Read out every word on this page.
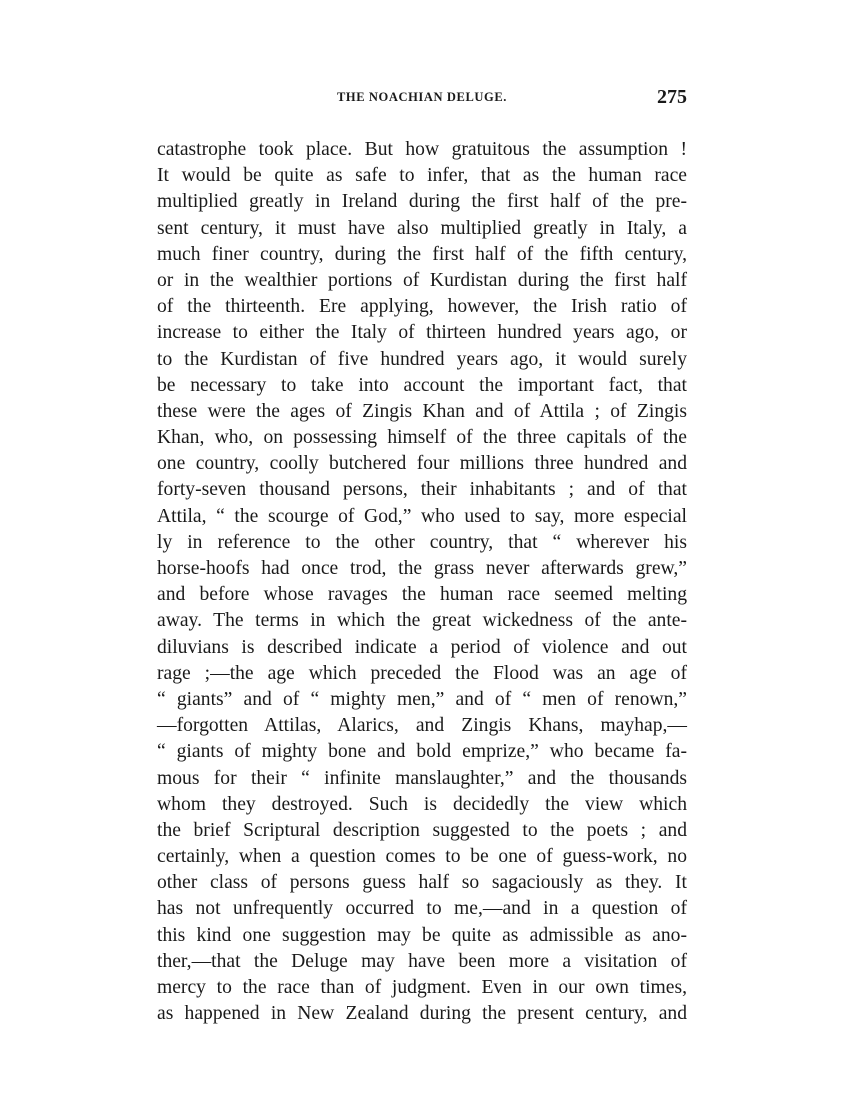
THE NOACHIAN DELUGE.	275
catastrophe took place. But how gratuitous the assumption !
It would be quite as safe to infer, that as the human race
multiplied greatly in Ireland during the first half of the pre-
sent century, it must have also multiplied greatly in Italy, a
much finer country, during the first half of the fifth century,
or in the wealthier portions of Kurdistan during the first half
of the thirteenth. Ere applying, however, the Irish ratio of
increase to either the Italy of thirteen hundred years ago, or
to the Kurdistan of five hundred years ago, it would surely
be necessary to take into account the important fact, that
these were the ages of Zingis Khan and of Attila ; of Zingis
Khan, who, on possessing himself of the three capitals of the
one country, coolly butchered four millions three hundred and
forty-seven thousand persons, their inhabitants ; and of that
Attila, “ the scourge of God,” who used to say, more especial
ly in reference to the other country, that “ wherever his
horse-hoofs had once trod, the grass never afterwards grew,”
and before whose ravages the human race seemed melting
away. The terms in which the great wickedness of the ante-
diluvians is described indicate a period of violence and out
rage ;—the age which preceded the Flood was an age of
“ giants” and of “ mighty men,” and of “ men of renown,”
—forgotten Attilas, Alarics, and Zingis Khans, mayhap,—
“ giants of mighty bone and bold emprize,” who became fa-
mous for their “ infinite manslaughter,” and the thousands
whom they destroyed. Such is decidedly the view which
the brief Scriptural description suggested to the poets ; and
certainly, when a question comes to be one of guess-work, no
other class of persons guess half so sagaciously as they. It
has not unfrequently occurred to me,—and in a question of
this kind one suggestion may be quite as admissible as ano-
ther,—that the Deluge may have been more a visitation of
mercy to the race than of judgment. Even in our own times,
as happened in New Zealand during the present century, and
